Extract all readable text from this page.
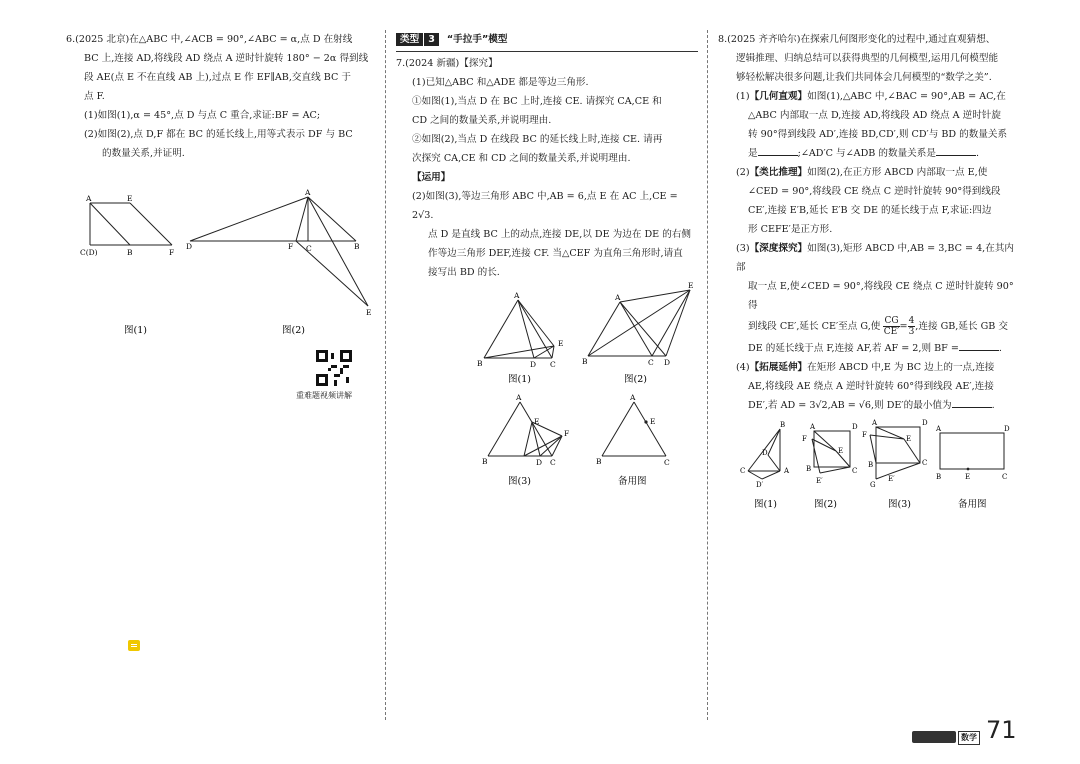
6.(2025 北京)在△ABC 中,∠ACB = 90°,∠ABC = α,点 D 在射线

BC 上,连接 AD,将线段 AD 绕点 A 逆时针旋转 180° − 2α 得到线

段 AE(点 E 不在直线 AB 上),过点 E 作 EF∥AB,交直线 BC 于

点 F.

(1)如图(1),α = 45°,点 D 与点 C 重合,求证:BF = AC;

(2)如图(2),点 D,F 都在 BC 的延长线上,用等式表示 DF 与 BC

的数量关系,并证明.

A	E
C(D)	B	F
A
D	F C	B
E
图(1)	图(2)
重难题视频讲解
类型 3 “手拉手”模型

7.(2024 新疆)【探究】

(1)已知△ABC 和△ADE 都是等边三角形.

①如图(1),当点 D 在 BC 上时,连接 CE. 请探究 CA,CE 和

CD 之间的数量关系,并说明理由.

②如图(2),当点 D 在线段 BC 的延长线上时,连接 CE. 请再

次探究 CA,CE 和 CD 之间的数量关系,并说明理由.

【运用】

(2)如图(3),等边三角形 ABC 中,AB = 6,点 E 在 AC 上,CE = 2√3.

点 D 是直线 BC 上的动点,连接 DE,以 DE 为边在 DE 的右侧

作等边三角形 DEF,连接 CF. 当△CEF 为直角三角形时,请直

接写出 BD 的长.

A
B	D C
E
A
B	C D
E
图(1)	图(2)
A
B	D C
E
F
A
B	C
E
图(3)	备用图

8.(2025 齐齐哈尔)在探索几何图形变化的过程中,通过直观猜想、

逻辑推理、归纳总结可以获得典型的几何模型,运用几何模型能

够轻松解决很多问题,让我们共同体会几何模型的“数学之美”.

(1)【几何直观】如图(1),△ABC 中,∠BAC = 90°,AB = AC,在

△ABC 内部取一点 D,连接 AD,将线段 AD 绕点 A 逆时针旋

转 90°得到线段 AD′,连接 BD,CD′,则 CD′与 BD 的数量关系

是	;∠AD′C 与∠ADB 的数量关系是	.

(2)【类比推理】如图(2),在正方形 ABCD 内部取一点 E,使

∠CED = 90°,将线段 CE 绕点 C 逆时针旋转 90°得到线段

CE′,连接 E′B,延长 E′B 交 DE 的延长线于点 F,求证:四边

形 CEFE′是正方形.

(3)【深度探究】如图(3),矩形 ABCD 中,AB = 3,BC = 4,在其内部

取一点 E,使∠CED = 90°,将线段 CE 绕点 C 逆时针旋转 90°得

到线段 CE′,延长 CE′至点 G,使 $\frac{CG}{CE'} = \frac{4}{3}$ ,连接 GB,延长 GB 交

DE 的延长线于点 F,连接 AF,若 AF = 2,则 BF =	.

(4)【拓展延伸】在矩形 ABCD 中,E 为 BC 边上的一点,连接

AE,将线段 AE 绕点 A 逆时针旋转 60°得到线段 AE′,连接

DE′,若 AD = 3√2,AB = √6,则 DE′的最小值为	.

B
C	A
D
D′
A	D
F
E
C
B
E′
A	D
F	E
C
B
E′
G
A	D
B	E	C
图(1)	图(2)	图(3)	备用图
数学 71
